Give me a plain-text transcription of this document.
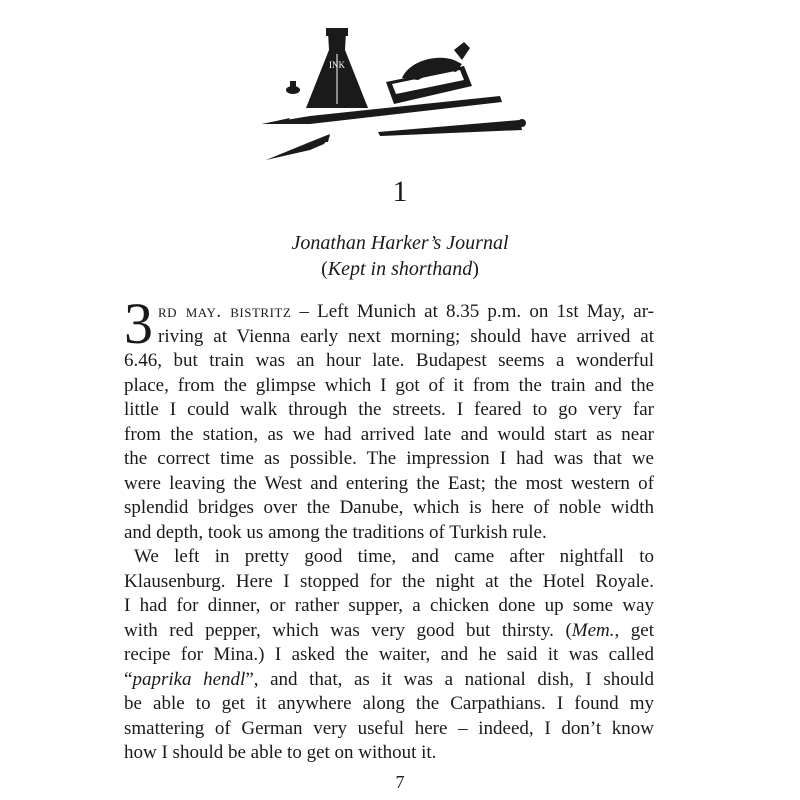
INK
1
Jonathan Harker’s Journal
(Kept in shorthand)
3 rd may. bistritz – Left Munich at 8.35 p.m. on 1st May, ar-
riving at Vienna early next morning; should have arrived at
6.46, but train was an hour late. Budapest seems a wonderful
place, from the glimpse which I got of it from the train and the
little I could walk through the streets. I feared to go very far
from the station, as we had arrived late and would start as near
the correct time as possible. The impression I had was that we
were leaving the West and entering the East; the most western of
splendid bridges over the Danube, which is here of noble width
and depth, took us among the traditions of Turkish rule.
We left in pretty good time, and came after nightfall to
Klausenburg. Here I stopped for the night at the Hotel Royale.
I had for dinner, or rather supper, a chicken done up some way
with red pepper, which was very good but thirsty. (Mem., get
recipe for Mina.) I asked the waiter, and he said it was called
“paprika hendl”, and that, as it was a national dish, I should
be able to get it anywhere along the Carpathians. I found my
smattering of German very useful here – indeed, I don’t know
how I should be able to get on without it.
7
